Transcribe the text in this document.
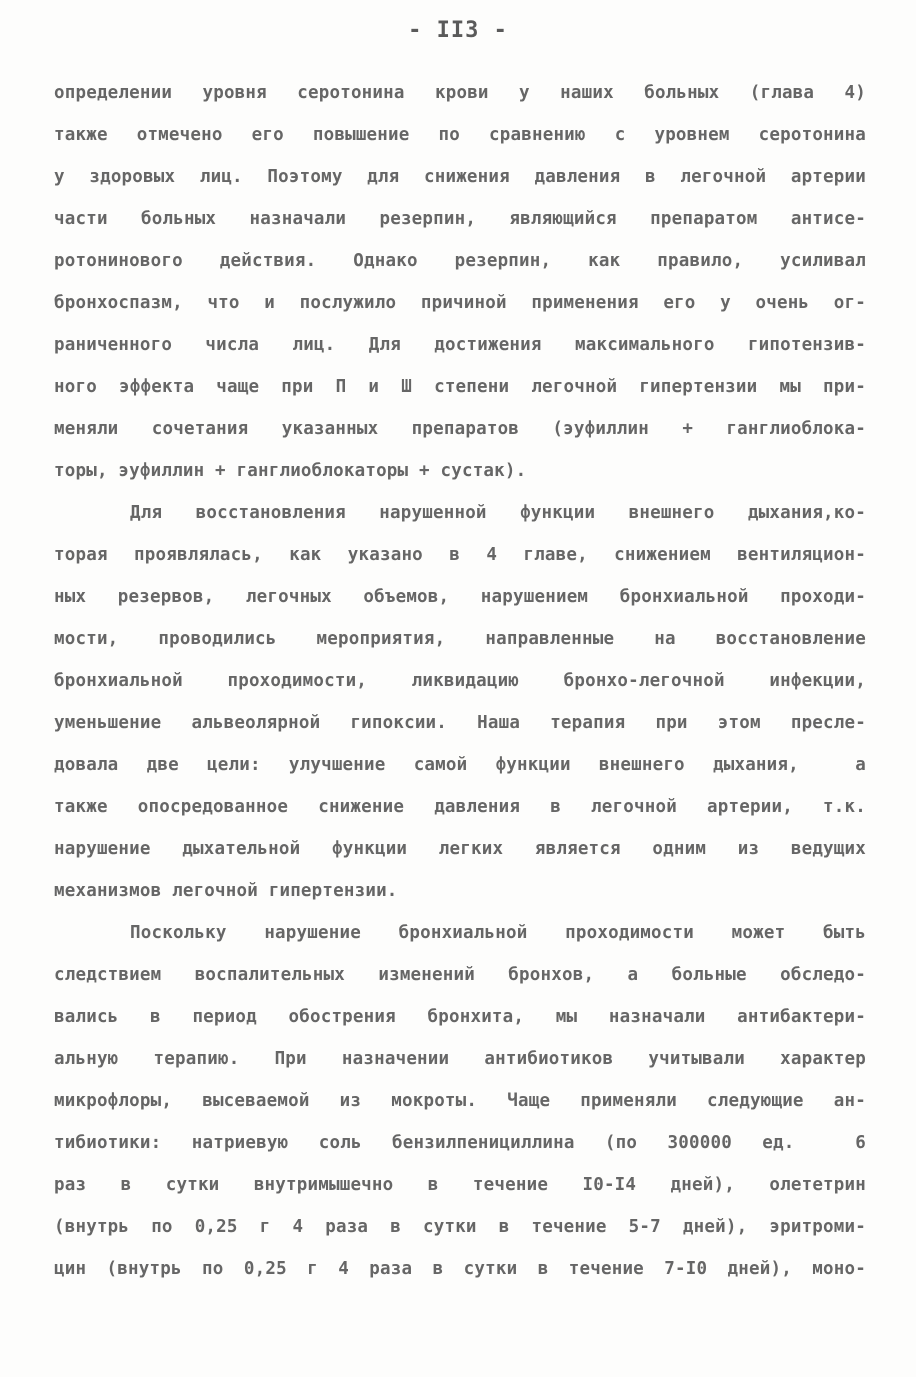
- II3 -
определении уровня серотонина крови у наших больных (глава 4)
также отмечено его повышение по сравнению с уровнем серотонина
у здоровых лиц. Поэтому для снижения давления в легочной артерии
части больных назначали резерпин, являющийся препаратом антисе-
ротонинового действия. Однако резерпин, как правило, усиливал
бронхоспазм, что и послужило причиной применения его у очень ог-
раниченного числа лиц. Для достижения максимального гипотензив-
ного эффекта чаще при П и Ш степени легочной гипертензии мы при-
меняли сочетания указанных препаратов (эуфиллин + ганглиоблока-
торы, эуфиллин + ганглиоблокаторы + сустак).
Для восстановления нарушенной функции внешнего дыхания,ко-
торая проявлялась, как указано в 4 главе, снижением вентиляцион-
ных резервов, легочных объемов, нарушением бронхиальной проходи-
мости, проводились мероприятия, направленные на восстановление
бронхиальной проходимости, ликвидацию бронхо-легочной инфекции,
уменьшение альвеолярной гипоксии. Наша терапия при этом пресле-
довала две цели: улучшение самой функции внешнего дыхания,  а
также опосредованное снижение давления в легочной артерии, т.к.
нарушение дыхательной функции легких является одним из ведущих
механизмов легочной гипертензии.
Поскольку нарушение бронхиальной проходимости может быть
следствием воспалительных изменений бронхов, а больные обследо-
вались в период обострения бронхита, мы назначали антибактери-
альную терапию. При назначении антибиотиков учитывали характер
микрофлоры, высеваемой из мокроты. Чаще применяли следующие ан-
тибиотики: натриевую соль бензилпенициллина (по 300000 ед.  6
раз в сутки внутримышечно в течение I0-I4 дней), олететрин
(внутрь по 0,25 г 4 раза в сутки в течение 5-7 дней), эритроми-
цин (внутрь по 0,25 г 4 раза в сутки в течение 7-I0 дней), моно-
